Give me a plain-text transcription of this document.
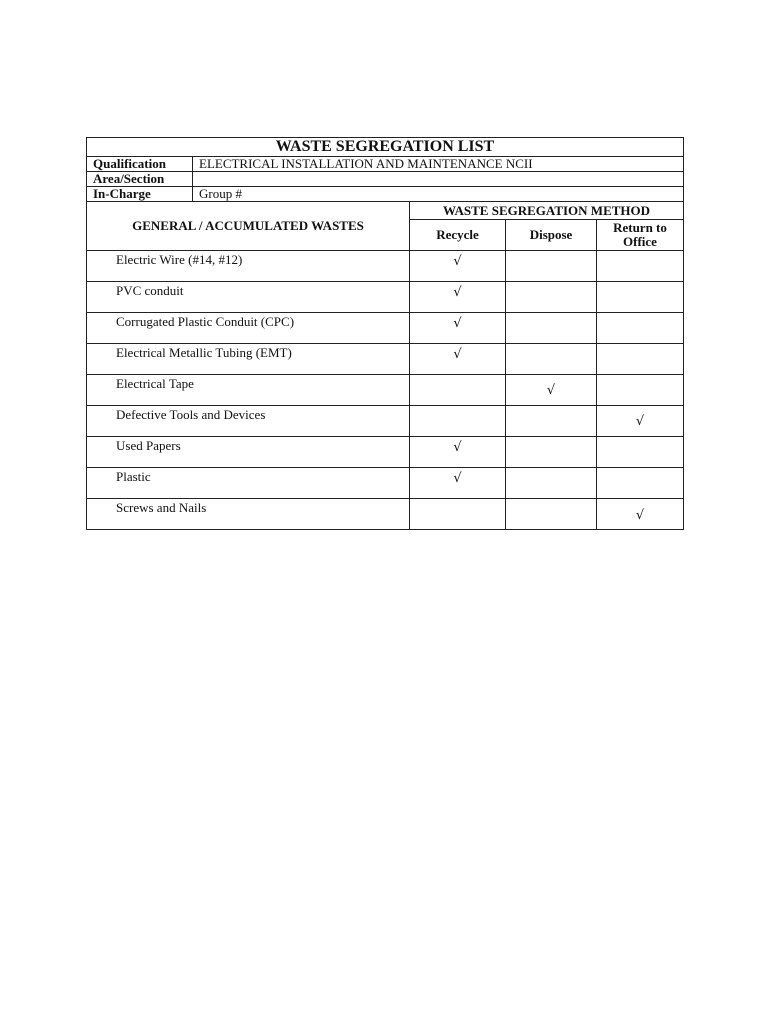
WASTE SEGREGATION LIST	
Qualification	ELECTRICAL INSTALLATION AND MAINTENANCE NCII
Area/Section	
In-Charge	Group #
GENERAL / ACCUMULATED WASTES	WASTE SEGREGATION METHOD		
	Recycle	Dispose	Return to Office
Electric Wire (#14, #12)	√		
PVC conduit	√		
Corrugated Plastic Conduit (CPC)	√		
Electrical Metallic Tubing (EMT)	√		
Electrical Tape		√	
Defective Tools and Devices			√
Used Papers	√		
Plastic	√		
Screws and Nails			√
